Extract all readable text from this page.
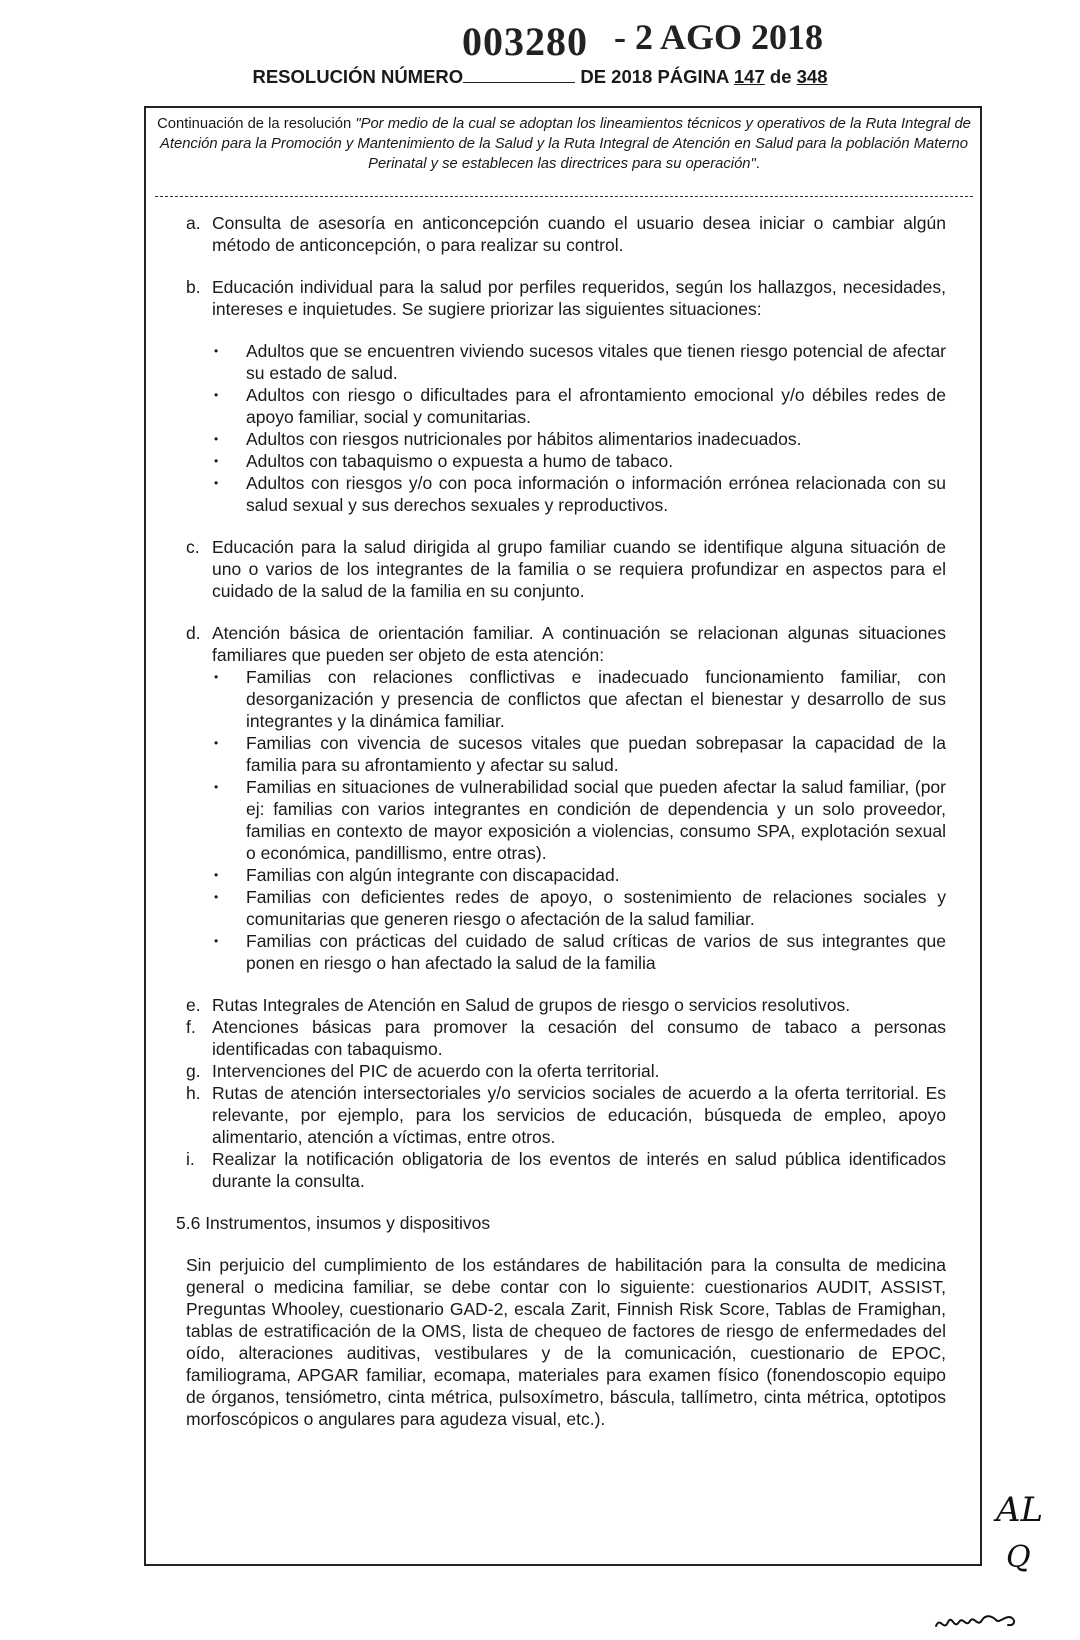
003280 - 2 AGO 2018
RESOLUCIÓN NÚMERO	DE 2018 PÁGINA 147 de 348
Continuación de la resolución "Por medio de la cual se adoptan los lineamientos técnicos y operativos de la Ruta Integral de Atención para la Promoción y Mantenimiento de la Salud y la Ruta Integral de Atención en Salud para la población Materno Perinatal y se establecen las directrices para su operación".
a. Consulta de asesoría en anticoncepción cuando el usuario desea iniciar o cambiar algún método de anticoncepción, o para realizar su control.
b. Educación individual para la salud por perfiles requeridos, según los hallazgos, necesidades, intereses e inquietudes. Se sugiere priorizar las siguientes situaciones:
•	Adultos que se encuentren viviendo sucesos vitales que tienen riesgo potencial de afectar su estado de salud.
•	Adultos con riesgo o dificultades para el afrontamiento emocional y/o débiles redes de apoyo familiar, social y comunitarias.
•	Adultos con riesgos nutricionales por hábitos alimentarios inadecuados.
•	Adultos con tabaquismo o expuesta a humo de tabaco.
•	Adultos con riesgos y/o con poca información o información errónea relacionada con su salud sexual y sus derechos sexuales y reproductivos.
c. Educación para la salud dirigida al grupo familiar cuando se identifique alguna situación de uno o varios de los integrantes de la familia o se requiera profundizar en aspectos para el cuidado de la salud de la familia en su conjunto.
d. Atención básica de orientación familiar. A continuación se relacionan algunas situaciones familiares que pueden ser objeto de esta atención:
•	Familias con relaciones conflictivas e inadecuado funcionamiento familiar, con desorganización y presencia de conflictos que afectan el bienestar y desarrollo de sus integrantes y la dinámica familiar.
•	Familias con vivencia de sucesos vitales que puedan sobrepasar la capacidad de la familia para su afrontamiento y afectar su salud.
•	Familias en situaciones de vulnerabilidad social que pueden afectar la salud familiar, (por ej: familias con varios integrantes en condición de dependencia y un solo proveedor, familias en contexto de mayor exposición a violencias, consumo SPA, explotación sexual o económica, pandillismo, entre otras).
•	Familias con algún integrante con discapacidad.
•	Familias con deficientes redes de apoyo, o sostenimiento de relaciones sociales y comunitarias que generen riesgo o afectación de la salud familiar.
•	Familias con prácticas del cuidado de salud críticas de varios de sus integrantes que ponen en riesgo o han afectado la salud de la familia
e. Rutas Integrales de Atención en Salud de grupos de riesgo o servicios resolutivos.
f. Atenciones básicas para promover la cesación del consumo de tabaco a personas identificadas con tabaquismo.
g. Intervenciones del PIC de acuerdo con la oferta territorial.
h. Rutas de atención intersectoriales y/o servicios sociales de acuerdo a la oferta territorial. Es relevante, por ejemplo, para los servicios de educación, búsqueda de empleo, apoyo alimentario, atención a víctimas, entre otros.
i. Realizar la notificación obligatoria de los eventos de interés en salud pública identificados durante la consulta.
5.6 Instrumentos, insumos y dispositivos
Sin perjuicio del cumplimiento de los estándares de habilitación para la consulta de medicina general o medicina familiar, se debe contar con lo siguiente: cuestionarios AUDIT, ASSIST, Preguntas Whooley, cuestionario GAD-2, escala Zarit, Finnish Risk Score, Tablas de Framighan, tablas de estratificación de la OMS, lista de chequeo de factores de riesgo de enfermedades del oído, alteraciones auditivas, vestibulares y de la comunicación, cuestionario de EPOC, familiograma, APGAR familiar, ecomapa, materiales para examen físico (fonendoscopio equipo de órganos, tensiómetro, cinta métrica, pulsoxímetro, báscula, tallímetro, cinta métrica, optotipos morfoscópicos o angulares para agudeza visual, etc.).
AL
Q
